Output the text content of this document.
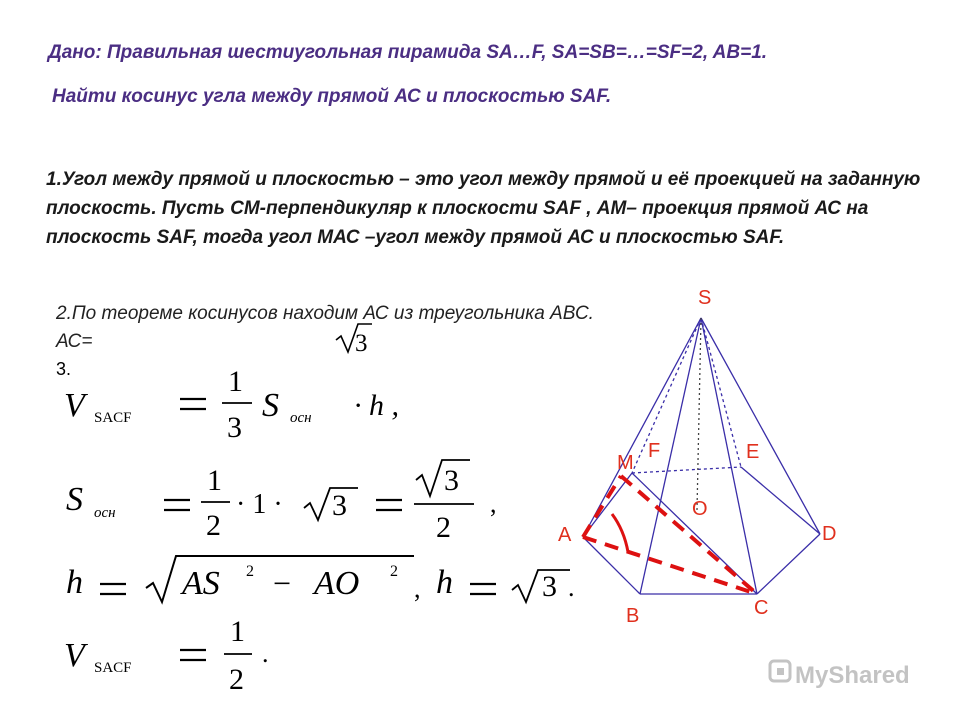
Дано: Правильная шестиугольная пирамида SA…F, SA=SB=…=SF=2, AB=1.
Найти косинус угла между прямой АС и плоскостью SAF.
1.Угол между прямой и плоскостью – это угол между прямой и её проекцией на заданную плоскость. Пусть СМ-перпендикуляр к плоскости SAF , АМ– проекция прямой АС на плоскость SAF, тогда угол МАС –угол между прямой АС и плоскостью SAF.
2.По теореме косинусов находим АС из треугольника АВС. АС=
3.
3
V SACF
1
3
S осн · h ,
S осн
1
2
· 1 · 3
3
2
,
h	AS 2 − AO 2
, h	3 .
V SACF
1
2
.
S
A
B	C
D
E
F
M
O
MyShared
